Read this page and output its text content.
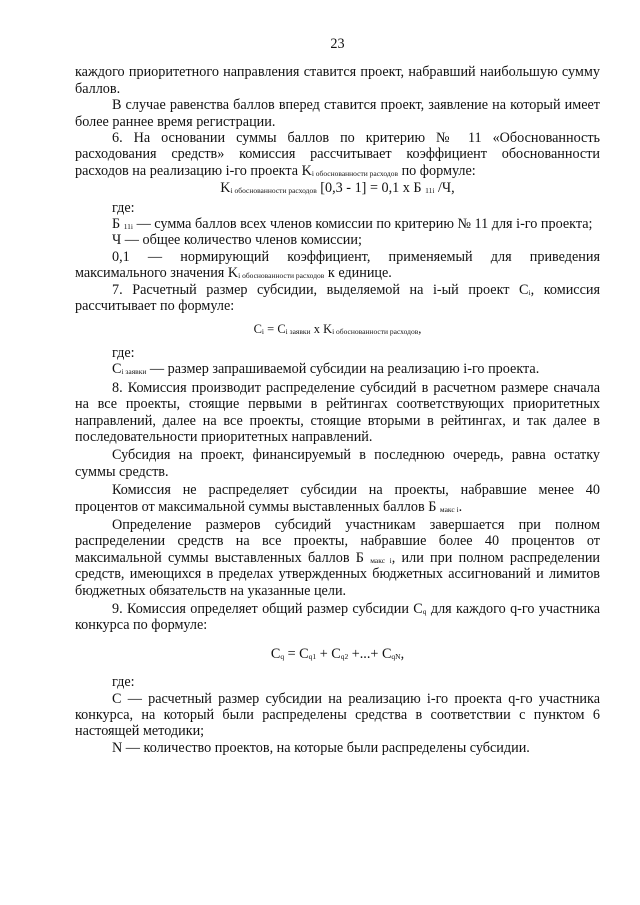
23

каждого приоритетного направления ставится проект, набравший наибольшую сумму баллов.

В случае равенства баллов вперед ставится проект, заявление на который имеет более раннее время регистрации.

6. На основании суммы баллов по критерию № 11 «Обоснованность расходования средств» комиссия рассчитывает коэффициент обоснованности расходов на реализацию i-го проекта $K_{i обоснованности расходов}$ по формуле:

$K_{i обоснованности расходов}$ [0,3 - 1] = 0,1 х Б $_{11i}$ /Ч,

где:

Б $_{11i}$ — сумма баллов всех членов комиссии по критерию № 11 для i-го проекта;

Ч — общее количество членов комиссии;

0,1 — нормирующий коэффициент, применяемый для приведения максимального значения $K_{i обоснованности расходов}$ к единице.

7. Расчетный размер субсидии, выделяемой на i-ый проект $C_i$, комиссия рассчитывает по формуле:

$C_i = C_{i заявки}$ х $K_{i обоснованности расходов}$,

где:

$C_{i заявки}$ — размер запрашиваемой субсидии на реализацию i-го проекта.

8. Комиссия производит распределение субсидий в расчетном размере сначала на все проекты, стоящие первыми в рейтингах соответствующих приоритетных направлений, далее на все проекты, стоящие вторыми в рейтингах, и так далее в последовательности приоритетных направлений.

Субсидия на проект, финансируемый в последнюю очередь, равна остатку суммы средств.

Комиссия не распределяет субсидии на проекты, набравшие менее 40 процентов от максимальной суммы выставленных баллов Б $_{макс i}$.

Определение размеров субсидий участникам завершается при полном распределении средств на все проекты, набравшие более 40 процентов от максимальной суммы выставленных баллов Б $_{макс i}$, или при полном распределении средств, имеющихся в пределах утвержденных бюджетных ассигнований и лимитов бюджетных обязательств на указанные цели.

9. Комиссия определяет общий размер субсидии $C_q$ для каждого q-го участника конкурса по формуле:

$C_q = C_{q1} + C_{q2}$ +...+ $C_{qN}$,

где:

C — расчетный размер субсидии на реализацию i-го проекта q-го участника конкурса, на который были распределены средства в соответствии с пунктом 6 настоящей методики;

N — количество проектов, на которые были распределены субсидии.
